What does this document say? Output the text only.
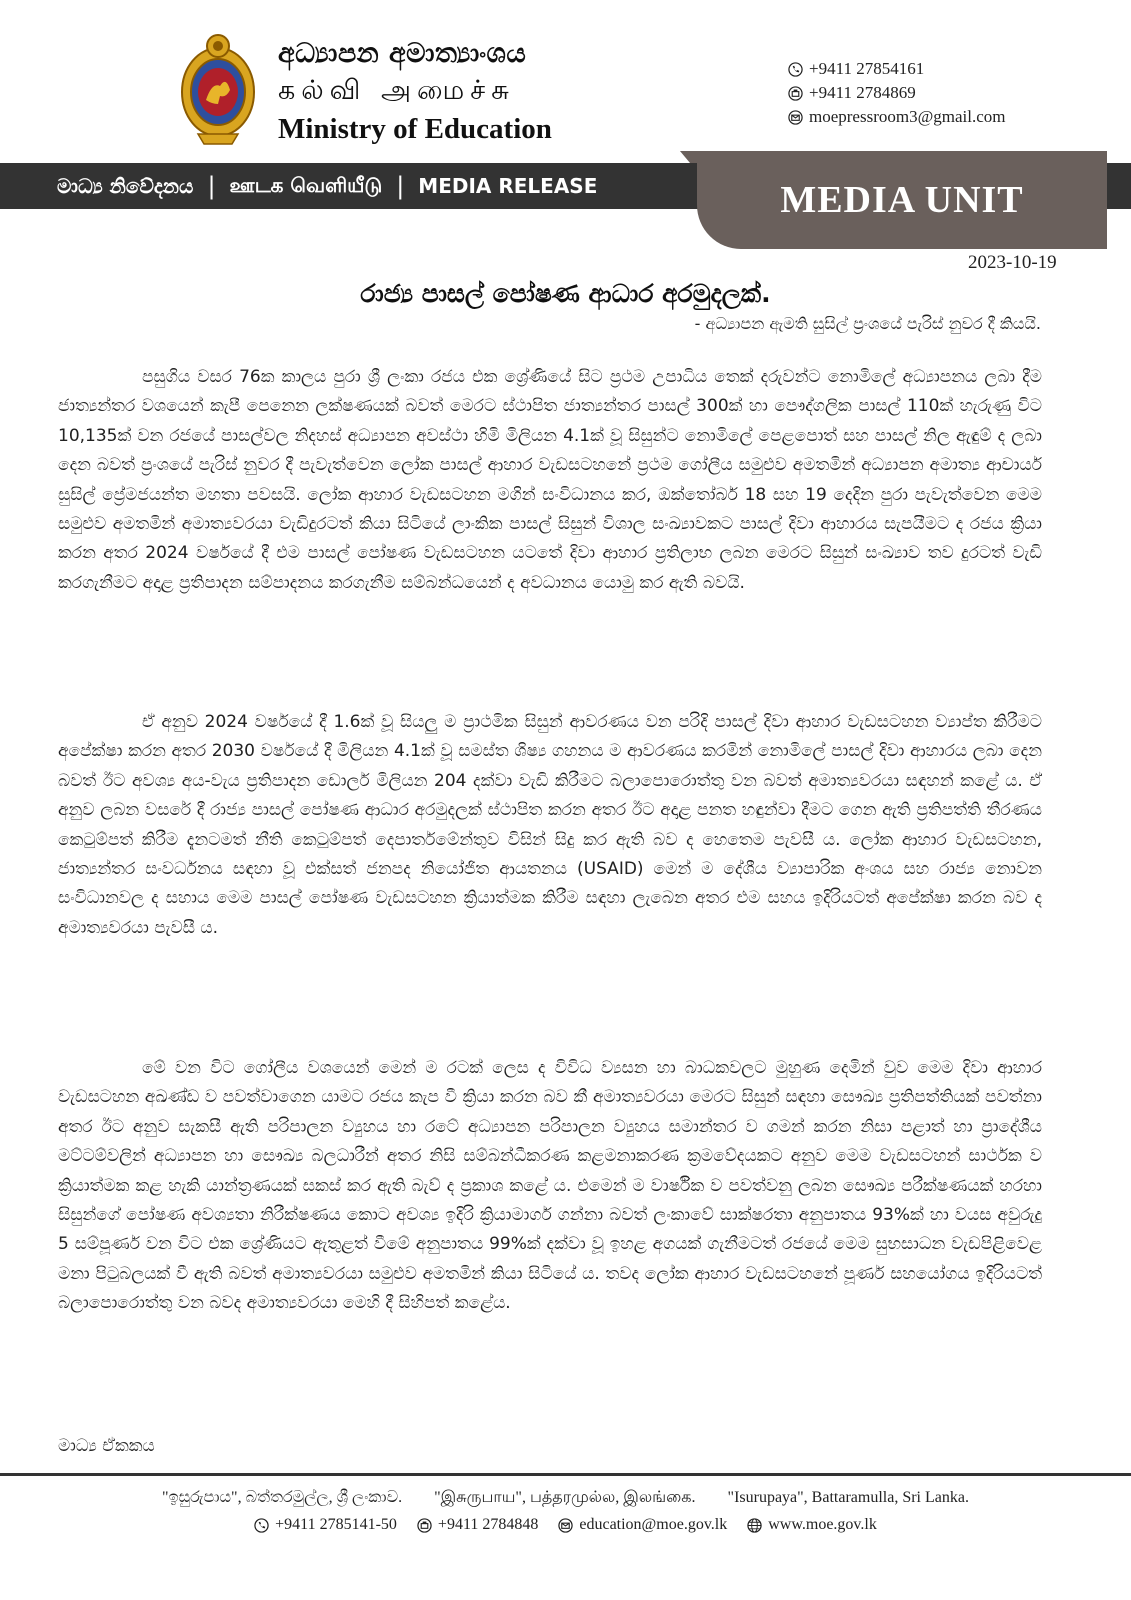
අධ්‍යාපන අමාත්‍යාංශය
கல்வி அமைச்சு
Ministry of Education
+9411 27854161
+9411 2784869
moepressroom3@gmail.com
මාධ්‍ය නිවේදනය | ஊடக வெளியீடு | MEDIA RELEASE	MEDIA UNIT
2023-10-19
රාජ්‍ය පාසල් පෝෂණ ආධාර අරමුදලක්.
- අධ්‍යාපන ඇමති සුසිල් ප්‍රංශයේ පැරිස් නුවර දී කියයි.

පසුගිය වසර 76ක කාලය පුරා ශ්‍රී ලංකා රජය එක ශ්‍රේණියේ සිට ප්‍රථම උපාධිය තෙක් දරුවන්ට නොමිලේ අධ්‍යාපනය ලබා දීම ජාත්‍යන්තර වශයෙන් කැපී පෙනෙන ලක්ෂණයක් බවත් මෙරට ස්ථාපිත ජාත්‍යන්තර පාසල් 300ක් හා පෞද්ගලික පාසල් 110ක් හැරුණු විට 10,135ක් වන රජයේ පාසල්වල නිදහස් අධ්‍යාපන අවස්ථා හිමි මිලියන 4.1ක් වූ සිසුන්ට නොමිලේ පෙළපොත් සහ පාසල් නිල ඇඳුම් ද ලබා දෙන බවත් ප්‍රංශයේ පැරිස් නුවර දී පැවැත්වෙන ලෝක පාසල් ආහාර වැඩසටහනේ ප්‍රථම ගෝලීය සමුළුව අමතමින් අධ්‍යාපන අමාත්‍ය ආචාර්ය සුසිල් ප්‍රේමජයන්ත මහතා පවසයි. ලෝක ආහාර වැඩසටහන මගින් සංවිධානය කර, ඔක්තෝබර් 18 සහ 19 දෙදින පුරා පැවැත්වෙන මෙම සමුළුව අමතමින් අමාත්‍යවරයා වැඩිදුරටත් කියා සිටියේ ලාංකික පාසල් සිසුන් විශාල සංඛ්‍යාවකට පාසල් දිවා ආහාරය සැපයීමට ද රජය ක්‍රියා කරන අතර 2024 වර්ෂයේ දී එම පාසල් පෝෂණ වැඩසටහන යටතේ දිවා ආහාර ප්‍රතිලාභ ලබන මෙරට සිසුන් සංඛ්‍යාව තව දුරටත් වැඩි කරගැනීමට අදාළ ප්‍රතිපාදන සම්පාදනය කරගැනීම සම්බන්ධයෙන් ද අවධානය යොමු කර ඇති බවයි.

ඒ අනුව 2024 වර්ෂයේ දී 1.6ක් වූ සියලු ම ප්‍රාථමික සිසුන් ආවරණය වන පරිදි පාසල් දිවා ආහාර වැඩසටහන ව්‍යාප්ත කිරීමට අපේක්ෂා කරන අතර 2030 වර්ෂයේ දී මිලියන 4.1ක් වූ සමස්ත ශිෂ්‍ය ගහනය ම ආවරණය කරමින් නොමිලේ පාසල් දිවා ආහාරය ලබා දෙන බවත් ඊට අවශ්‍ය අය-වැය ප්‍රතිපාදන ඩොලර් මිලියන 204 දක්වා වැඩි කිරීමට බලාපොරොත්තු වන බවත් අමාත්‍යවරයා සඳහන් කළේ ය. ඒ අනුව ලබන වසරේ දී රාජ්‍ය පාසල් පෝෂණ ආධාර අරමුදලක් ස්ථාපිත කරන අතර ඊට අදාළ පනත හඳුන්වා දීමට ගෙන ඇති ප්‍රතිපත්ති තීරණය කෙටුම්පත් කිරීම දැනටමත් නීති කෙටුම්පත් දෙපාර්තමේන්තුව විසින් සිදු කර ඇති බව ද හෙතෙම පැවසී ය. ලෝක ආහාර වැඩසටහන, ජාත්‍යන්තර සංවර්ධනය සඳහා වූ එක්සත් ජනපද නියෝජිත ආයතනය (USAID) මෙන් ම දේශීය ව්‍යාපාරික අංශය සහ රාජ්‍ය නොවන සංවිධානවල ද සහාය මෙම පාසල් පෝෂණ වැඩසටහන ක්‍රියාත්මක කිරීම සඳහා ලැබෙන අතර එම සහය ඉදිරියටත් අපේක්ෂා කරන බව ද අමාත්‍යවරයා පැවසී ය.

මේ වන විට ගෝලීය වශයෙන් මෙන් ම රටක් ලෙස ද විවිධ ව්‍යසන හා බාධකවලට මුහුණ දෙමින් වුව මෙම දිවා ආහාර වැඩසටහන අඛණ්ඩ ව පවත්වාගෙන යාමට රජය කැප වී ක්‍රියා කරන බව කී අමාත්‍යවරයා මෙරට සිසුන් සඳහා සෞඛ්‍ය ප්‍රතිපත්තියක් පවත්නා අතර ඊට අනුව සැකසී ඇති පරිපාලන ව්‍යුහය හා රටේ අධ්‍යාපන පරිපාලන ව්‍යුහය සමාන්තර ව ගමන් කරන නිසා පළාත් හා ප්‍රාදේශීය මට්ටම්වලින් අධ්‍යාපන හා සෞඛ්‍ය බලධාරීන් අතර නිසි සම්බන්ධීකරණ කළමනාකරණ ක්‍රමවේදයකට අනුව මෙම වැඩසටහන් සාර්ථක ව ක්‍රියාත්මක කළ හැකි යාන්ත්‍රණයක් සකස් කර ඇති බැව් ද ප්‍රකාශ කළේ ය. එමෙන් ම වාර්ෂික ව පවත්වනු ලබන සෞඛ්‍ය පරීක්ෂණයක් හරහා සිසුන්ගේ පෝෂණ අවශ්‍යතා නිරීක්ෂණය කොට අවශ්‍ය ඉදිරි ක්‍රියාමාර්ග ගන්නා බවත් ලංකාවේ සාක්ෂරතා අනුපාතය 93%ක් හා වයස අවුරුදු 5 සම්පූර්ණ වන විට එක ශ්‍රේණියට ඇතුළත් වීමේ අනුපාතය 99%ක් දක්වා වූ ඉහළ අගයක් ගැනීමටත් රජයේ මෙම සුභසාධන වැඩපිළිවෙළ මනා පිටුබලයක් වී ඇති බවත් අමාත්‍යවරයා සමුළුව අමතමින් කියා සිටියේ ය. තවද ලෝක ආහාර වැඩසටහනේ පූර්ණ සහයෝගය ඉදිරියටත් බලාපොරොත්තු වන බවද අමාත්‍යවරයා මෙහි දී සිහිපත් කළේය.

මාධ්‍ය ඒකකය
"ඉසුරුපාය", බත්තරමුල්ල, ශ්‍රී ලංකාව. "இசுருபாய", பத்தரமுல்ல, இலங்கை. "Isurupaya", Battaramulla, Sri Lanka.
+9411 2785141-50	+9411 2784848	education@moe.gov.lk	www.moe.gov.lk
